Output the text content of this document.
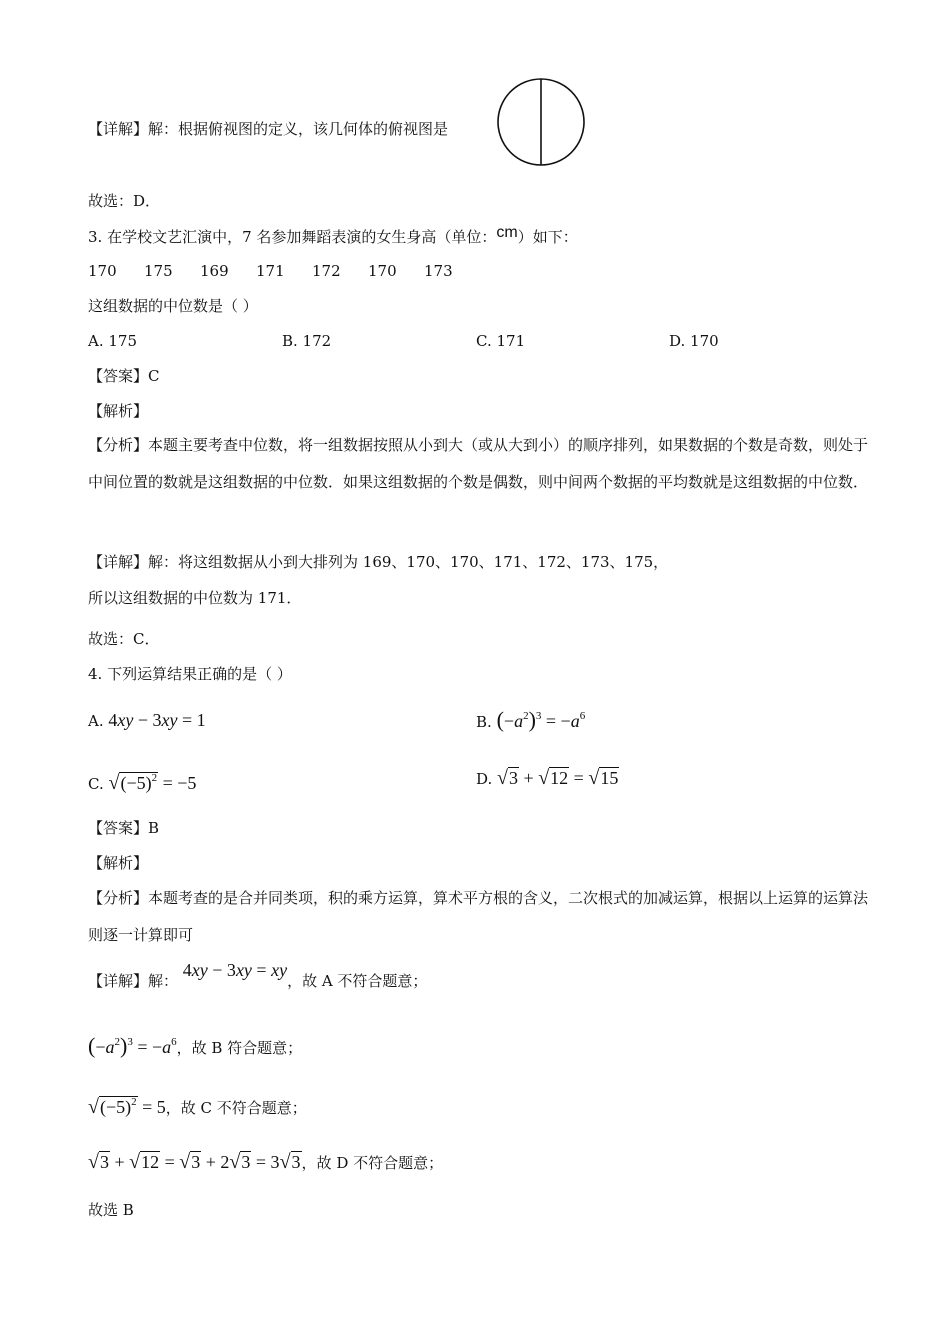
【详解】解：根据俯视图的定义，该几何体的俯视图是
故选：D．
3. 在学校文艺汇演中，7 名参加舞蹈表演的女生身高（单位：cm）如下：
170 175 169 171 172 170 173
这组数据的中位数是（ ）
A. 175	B. 172	C. 171	D. 170
【答案】C
【解析】
【分析】本题主要考查中位数，将一组数据按照从小到大（或从大到小）的顺序排列，如果数据的个数是奇数，则处于中间位置的数就是这组数据的中位数．如果这组数据的个数是偶数，则中间两个数据的平均数就是这组数据的中位数．
【详解】解：将这组数据从小到大排列为 169、170、170、171、172、173、175，
所以这组数据的中位数为 171．
故选：C．
4. 下列运算结果正确的是（ ）
A. 4xy − 3xy = 1	B. $(-a^2)^3 = -a^6$
C. $√(-5)^2 = -5$	D. √3 + √12 = √15
【答案】B
【解析】
【分析】本题考查的是合并同类项，积的乘方运算，算术平方根的含义，二次根式的加减运算，根据以上运算的运算法则逐一计算即可
【详解】解： 4xy − 3xy = xy，故 A 不符合题意；
$(-a^2)^3 = -a^6$，故 B 符合题意；
$√(-5)^2 = 5$，故 C 不符合题意；
√3 + √12 = √3 + 2√3 = 3√3，故 D 不符合题意；
故选 B
